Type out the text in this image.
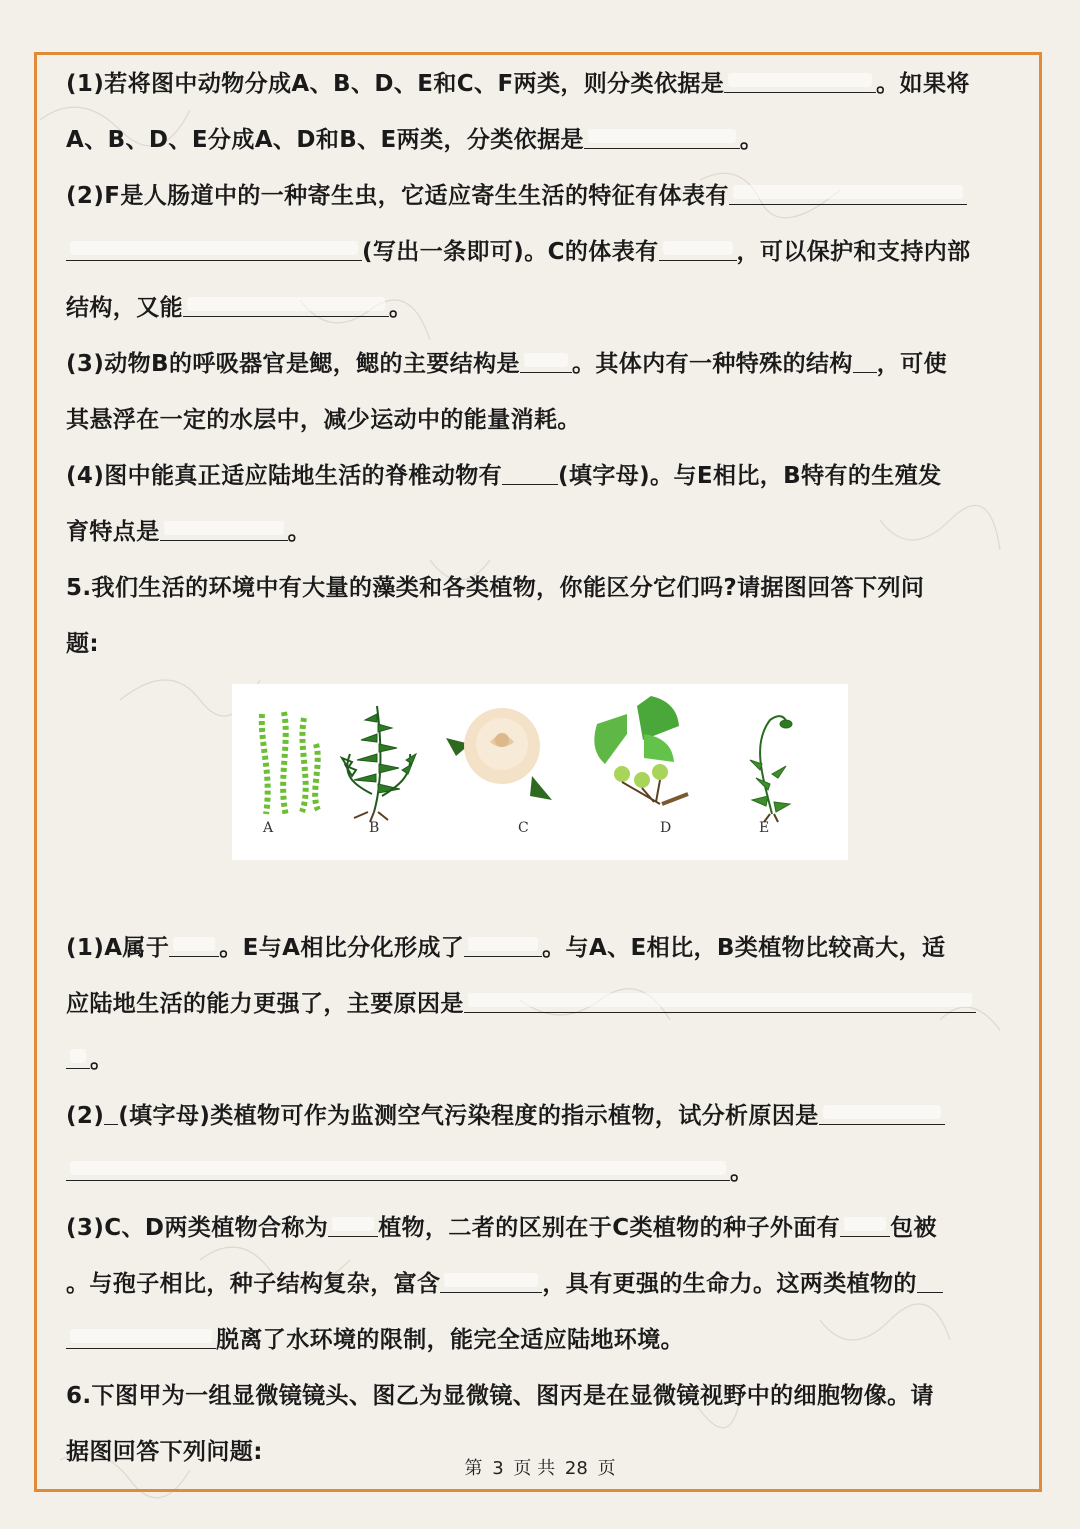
(1)若将图中动物分成A、B、D、E和C、F两类，则分类依据是	。如果将
A、B、D、E分成A、D和B、E两类，分类依据是	。
(2)F是人肠道中的一种寄生虫，它适应寄生生活的特征有体表有
(写出一条即可)。C的体表有	，可以保护和支持内部
结构，又能	。
(3)动物B的呼吸器官是鳃，鳃的主要结构是 。其体内有一种特殊的结构 ，可使
其悬浮在一定的水层中，减少运动中的能量消耗。
(4)图中能真正适应陆地生活的脊椎动物有 (填字母)。与E相比，B特有的生殖发
育特点是	。
5.我们生活的环境中有大量的藻类和各类植物，你能区分它们吗?请据图回答下列问
题:
(1)A属于 。E与A相比分化形成了	。与A、E相比，B类植物比较高大，适
应陆地生活的能力更强了，主要原因是
。
(2) (填字母)类植物可作为监测空气污染程度的指示植物，试分析原因是
。
(3)C、D两类植物合称为 植物，二者的区别在于C类植物的种子外面有 包被
。与孢子相比，种子结构复杂，富含	，具有更强的生命力。这两类植物的
脱离了水环境的限制，能完全适应陆地环境。
6.下图甲为一组显微镜镜头、图乙为显微镜、图丙是在显微镜视野中的细胞物像。请
据图回答下列问题:
A	B	C	D	E
第 3 页 共 28 页
